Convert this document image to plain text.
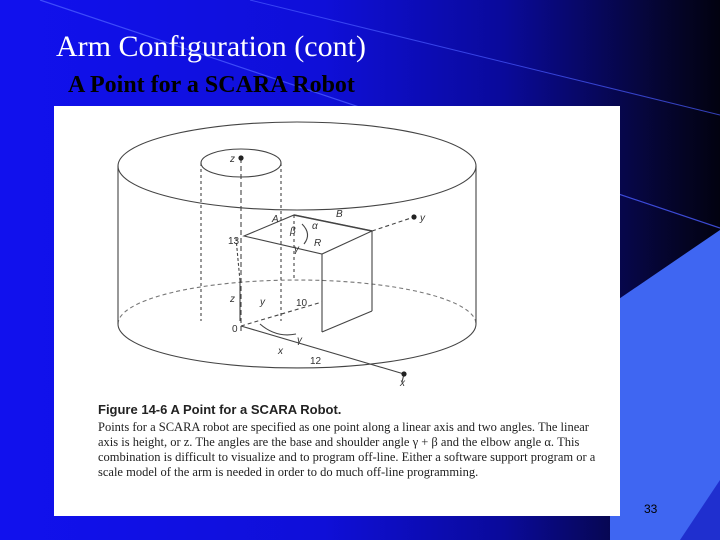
Arm Configuration (cont)
A Point for a SCARA Robot
z
A	B	y
α
β
γ
R
13
z	y	10
0
γ
x
12
x

Figure 14-6 A Point for a SCARA Robot.

Points for a SCARA robot are specified as one point along a linear axis and two angles. The linear axis is height, or z. The angles are the base and shoulder angle γ + β and the elbow angle α. This combination is difficult to visualize and to program off-line. Either a software support program or a scale model of the arm is needed in order to do much off-line programming.

33
